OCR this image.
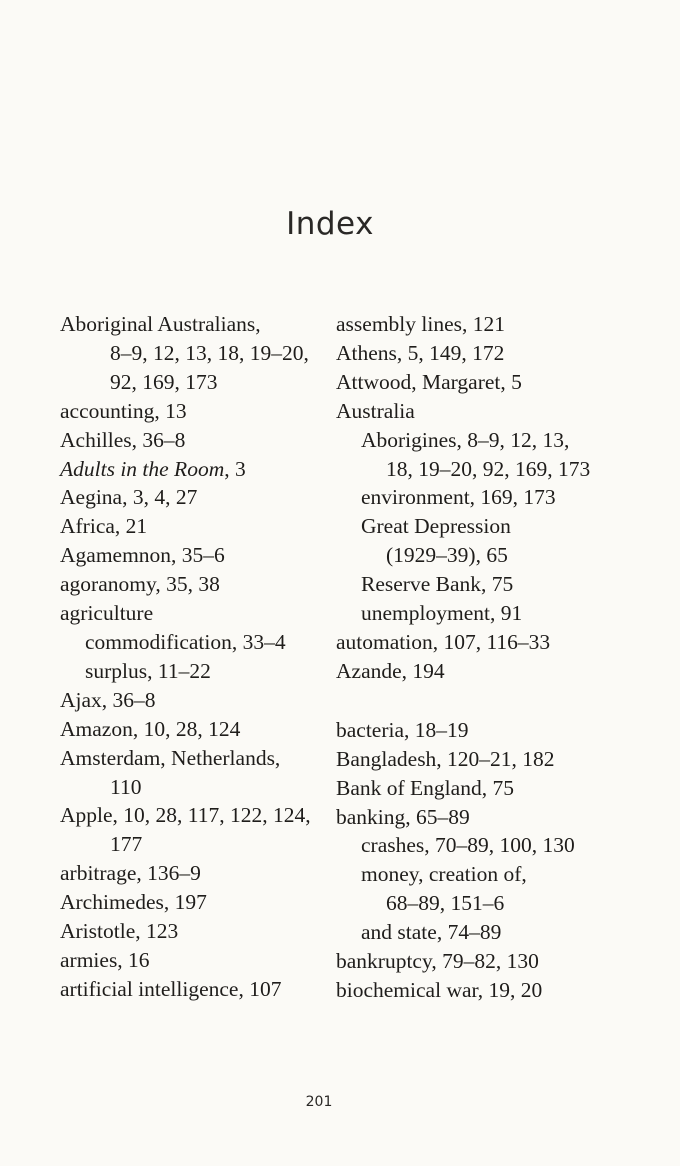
Index
Aboriginal Australians,
8–9, 12, 13, 18, 19–20,
92, 169, 173
accounting, 13
Achilles, 36–8
Adults in the Room, 3
Aegina, 3, 4, 27
Africa, 21
Agamemnon, 35–6
agoranomy, 35, 38
agriculture
commodification, 33–4
surplus, 11–22
Ajax, 36–8
Amazon, 10, 28, 124
Amsterdam, Netherlands,
110
Apple, 10, 28, 117, 122, 124,
177
arbitrage, 136–9
Archimedes, 197
Aristotle, 123
armies, 16
artificial intelligence, 107
assembly lines, 121
Athens, 5, 149, 172
Attwood, Margaret, 5
Australia
Aborigines, 8–9, 12, 13,
18, 19–20, 92, 169, 173
environment, 169, 173
Great Depression
(1929–39), 65
Reserve Bank, 75
unemployment, 91
automation, 107, 116–33
Azande, 194
bacteria, 18–19
Bangladesh, 120–21, 182
Bank of England, 75
banking, 65–89
crashes, 70–89, 100, 130
money, creation of,
68–89, 151–6
and state, 74–89
bankruptcy, 79–82, 130
biochemical war, 19, 20
201
